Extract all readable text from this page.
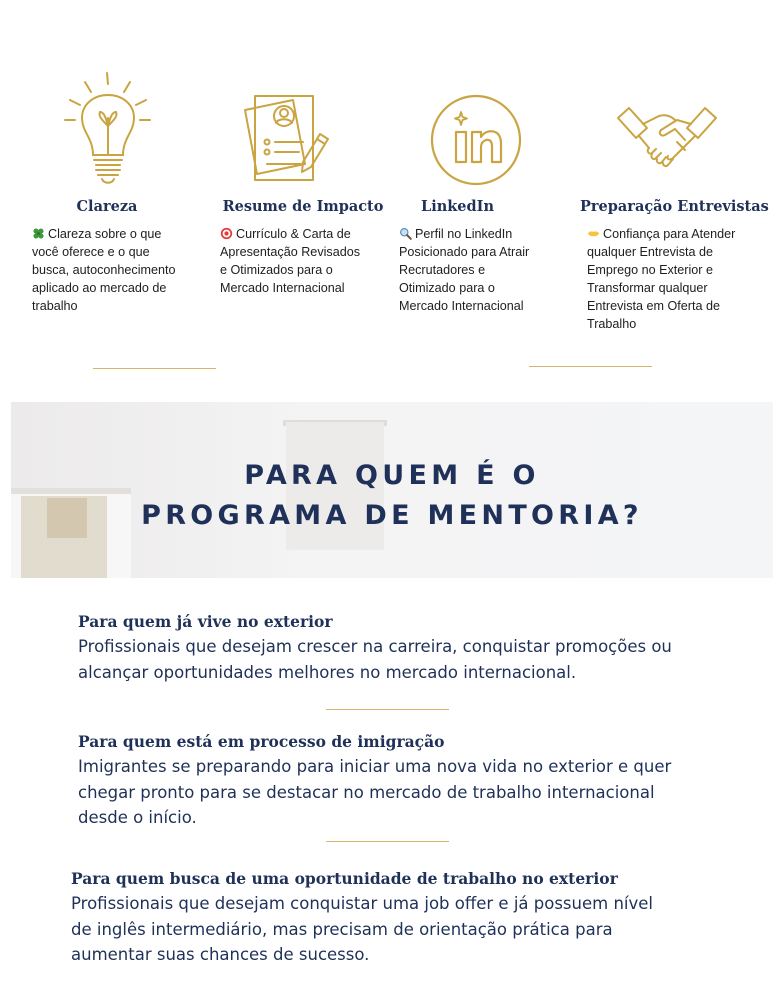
Clareza
Clareza sobre o que
você oferece e o que
busca, autoconhecimento
aplicado ao mercado de
trabalho
Resume de Impacto
Currículo & Carta de
Apresentação Revisados
e Otimizados para o
Mercado Internacional
LinkedIn
Perfil no LinkedIn
Posicionado para Atrair
Recrutadores e
Otimizado para o
Mercado Internacional
Preparação Entrevistas
Confiança para Atender
qualquer Entrevista de
Emprego no Exterior e
Transformar qualquer
Entrevista em Oferta de
Trabalho
PARA QUEM É O
PROGRAMA DE MENTORIA?
Para quem já vive no exterior
Profissionais que desejam crescer na carreira, conquistar promoções ou
alcançar oportunidades melhores no mercado internacional.
Para quem está em processo de imigração
Imigrantes se preparando para iniciar uma nova vida no exterior e quer
chegar pronto para se destacar no mercado de trabalho internacional
desde o início.
Para quem busca de uma oportunidade de trabalho no exterior
Profissionais que desejam conquistar uma job offer e já possuem nível
de inglês intermediário, mas precisam de orientação prática para
aumentar suas chances de sucesso.
